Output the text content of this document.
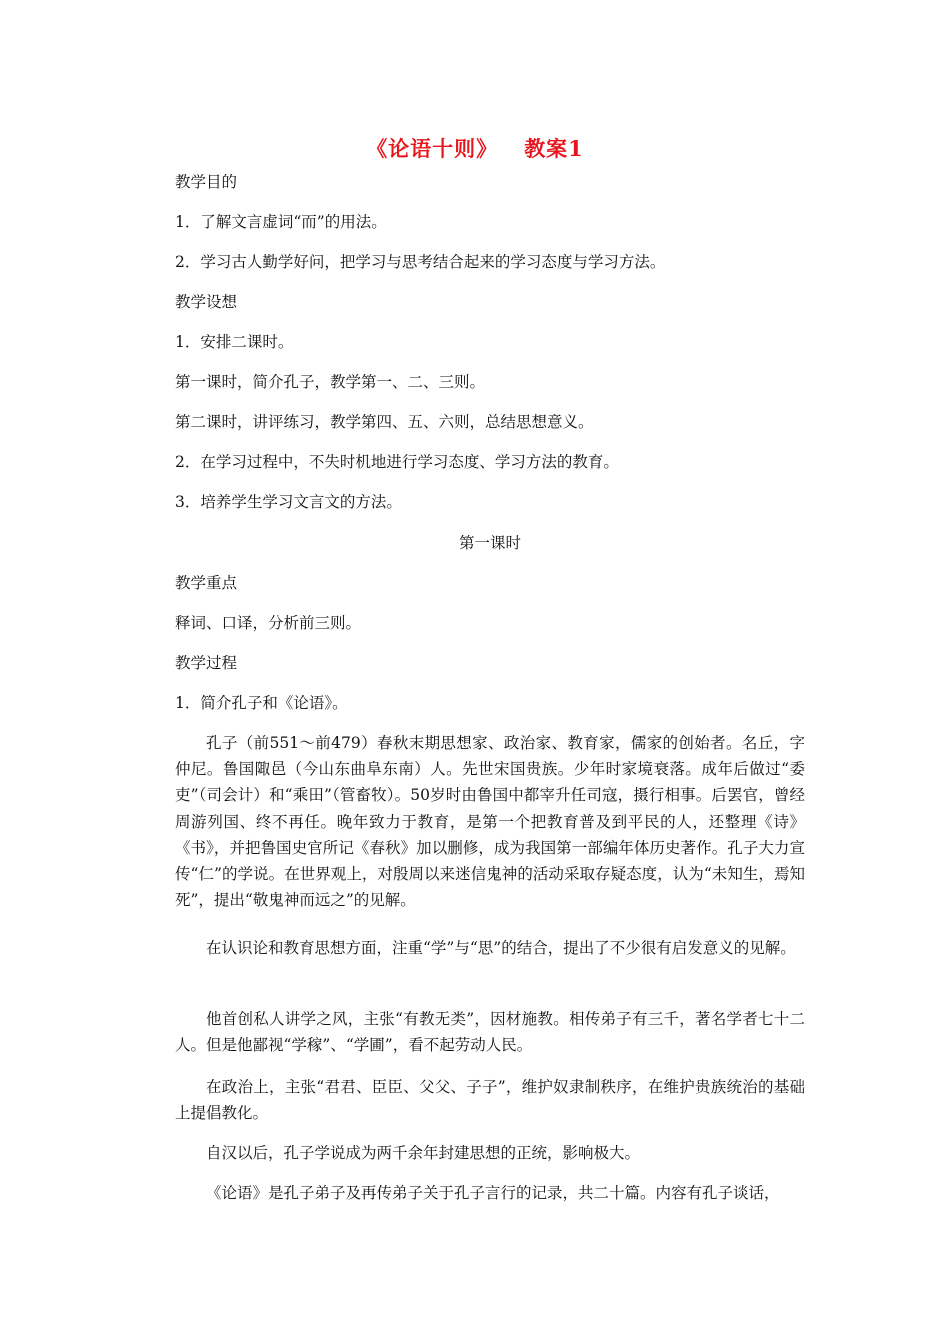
《论语十则》 教案1
教学目的
1．了解文言虚词“而”的用法。
2．学习古人勤学好问，把学习与思考结合起来的学习态度与学习方法。
教学设想
1．安排二课时。
第一课时，简介孔子，教学第一、二、三则。
第二课时，讲评练习，教学第四、五、六则，总结思想意义。
2．在学习过程中，不失时机地进行学习态度、学习方法的教育。
3．培养学生学习文言文的方法。
第一课时
教学重点
释词、口译，分析前三则。
教学过程
1．简介孔子和《论语》。
孔子（前551～前479）春秋末期思想家、政治家、教育家，儒家的创始者。名丘，字仲尼。鲁国陬邑（今山东曲阜东南）人。先世宋国贵族。少年时家境衰落。成年后做过“委吏”（司会计）和“乘田”（管畜牧）。50岁时由鲁国中都宰升任司寇，摄行相事。后罢官，曾经周游列国、终不再任。晚年致力于教育，是第一个把教育普及到平民的人，还整理《诗》《书》，并把鲁国史官所记《春秋》加以删修，成为我国第一部编年体历史著作。孔子大力宣传“仁”的学说。在世界观上，对殷周以来迷信鬼神的活动采取存疑态度，认为“未知生，焉知死”，提出“敬鬼神而远之”的见解。
在认识论和教育思想方面，注重“学”与“思”的结合，提出了不少很有启发意义的见解。
他首创私人讲学之风，主张“有教无类”，因材施教。相传弟子有三千，著名学者七十二人。但是他鄙视“学稼”、“学圃”，看不起劳动人民。
在政治上，主张“君君、臣臣、父父、子子”，维护奴隶制秩序，在维护贵族统治的基础上提倡教化。
自汉以后，孔子学说成为两千余年封建思想的正统，影响极大。
《论语》是孔子弟子及再传弟子关于孔子言行的记录，共二十篇。内容有孔子谈话，
